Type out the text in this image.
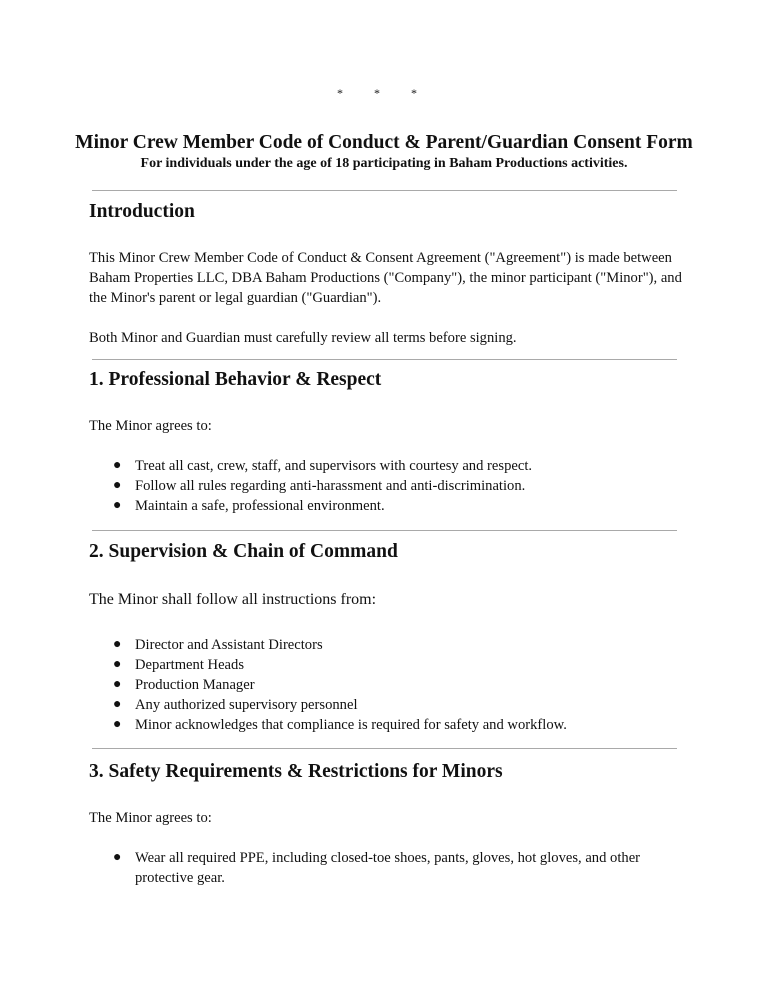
* * *
Minor Crew Member Code of Conduct & Parent/Guardian Consent Form
For individuals under the age of 18 participating in Baham Productions activities.
Introduction

This Minor Crew Member Code of Conduct & Consent Agreement ("Agreement") is made between Baham Properties LLC, DBA Baham Productions ("Company"), the minor participant ("Minor"), and the Minor's parent or legal guardian ("Guardian").

Both Minor and Guardian must carefully review all terms before signing.

1. Professional Behavior & Respect

The Minor agrees to:

● Treat all cast, crew, staff, and supervisors with courtesy and respect.
● Follow all rules regarding anti-harassment and anti-discrimination.
● Maintain a safe, professional environment.
2. Supervision & Chain of Command

The Minor shall follow all instructions from:

● Director and Assistant Directors
● Department Heads
● Production Manager
● Any authorized supervisory personnel
● Minor acknowledges that compliance is required for safety and workflow.
3. Safety Requirements & Restrictions for Minors

The Minor agrees to:

● Wear all required PPE, including closed-toe shoes, pants, gloves, hot gloves, and other protective gear.
